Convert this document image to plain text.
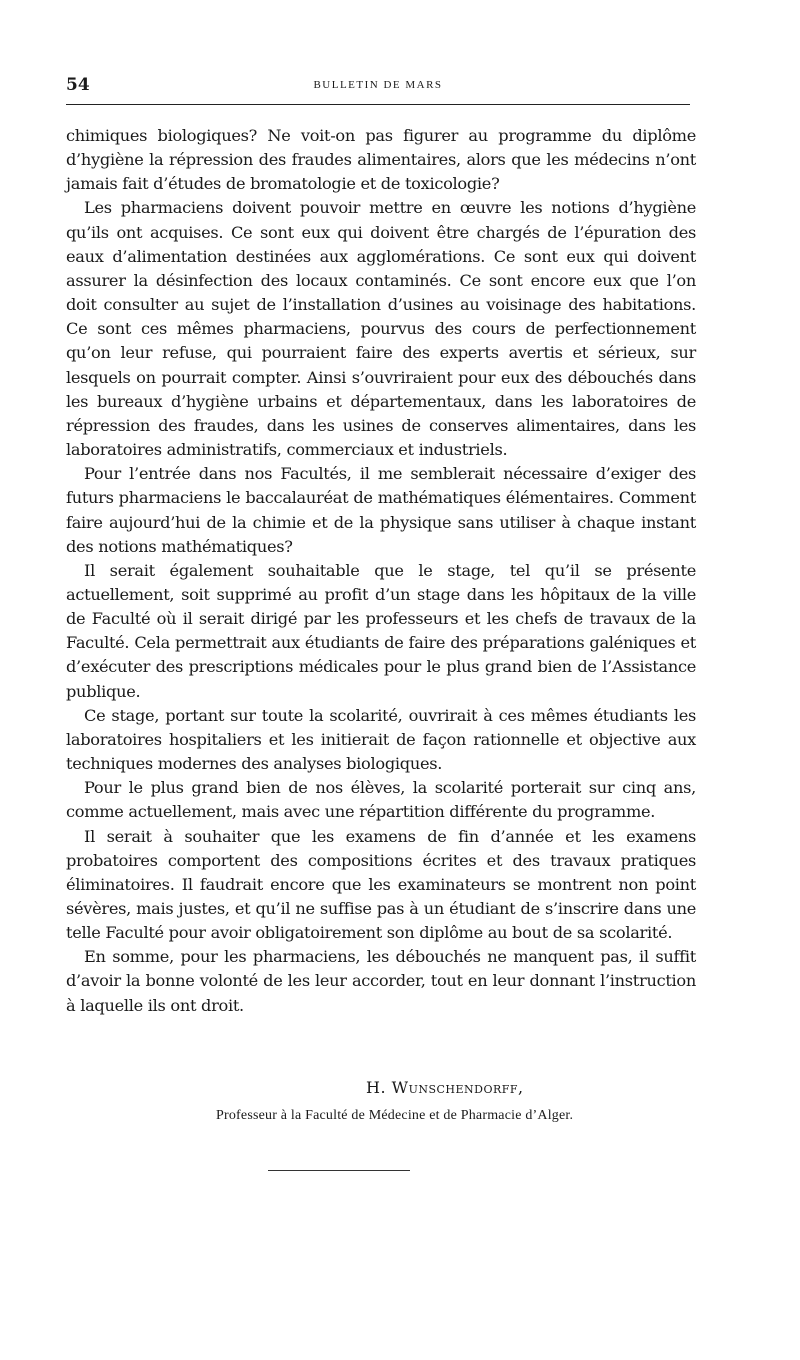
54	BULLETIN DE MARS

chimiques biologiques? Ne voit-on pas figurer au programme du diplôme d’hygiène la répression des fraudes alimentaires, alors que les médecins n’ont jamais fait d’études de bromatologie et de toxicologie?

Les pharmaciens doivent pouvoir mettre en œuvre les notions d’hygiène qu’ils ont acquises. Ce sont eux qui doivent être chargés de l’épuration des eaux d’alimentation destinées aux agglomérations. Ce sont eux qui doivent assurer la désinfection des locaux contaminés. Ce sont encore eux que l’on doit consulter au sujet de l’installation d’usines au voisinage des habitations. Ce sont ces mêmes pharmaciens, pourvus des cours de perfectionnement qu’on leur refuse, qui pourraient faire des experts avertis et sérieux, sur lesquels on pourrait compter. Ainsi s’ouvriraient pour eux des débouchés dans les bureaux d’hygiène urbains et départementaux, dans les laboratoires de répression des fraudes, dans les usines de conserves alimentaires, dans les laboratoires administratifs, commerciaux et industriels.

Pour l’entrée dans nos Facultés, il me semblerait nécessaire d’exiger des futurs pharmaciens le baccalauréat de mathématiques élémentaires. Comment faire aujourd’hui de la chimie et de la physique sans utiliser à chaque instant des notions mathématiques?

Il serait également souhaitable que le stage, tel qu’il se présente actuellement, soit supprimé au profit d’un stage dans les hôpitaux de la ville de Faculté où il serait dirigé par les professeurs et les chefs de travaux de la Faculté. Cela permettrait aux étudiants de faire des préparations galéniques et d’exécuter des prescriptions médicales pour le plus grand bien de l’Assistance publique.

Ce stage, portant sur toute la scolarité, ouvrirait à ces mêmes étudiants les laboratoires hospitaliers et les initierait de façon rationnelle et objective aux techniques modernes des analyses biologiques.

Pour le plus grand bien de nos élèves, la scolarité porterait sur cinq ans, comme actuellement, mais avec une répartition différente du programme.

Il serait à souhaiter que les examens de fin d’année et les examens probatoires comportent des compositions écrites et des travaux pratiques éliminatoires. Il faudrait encore que les examinateurs se montrent non point sévères, mais justes, et qu’il ne suffise pas à un étudiant de s’inscrire dans une telle Faculté pour avoir obligatoirement son diplôme au bout de sa scolarité.

En somme, pour les pharmaciens, les débouchés ne manquent pas, il suffit d’avoir la bonne volonté de les leur accorder, tout en leur donnant l’instruction à laquelle ils ont droit.

H. Wunschendorff,
Professeur à la Faculté de Médecine et de Pharmacie d’Alger.
